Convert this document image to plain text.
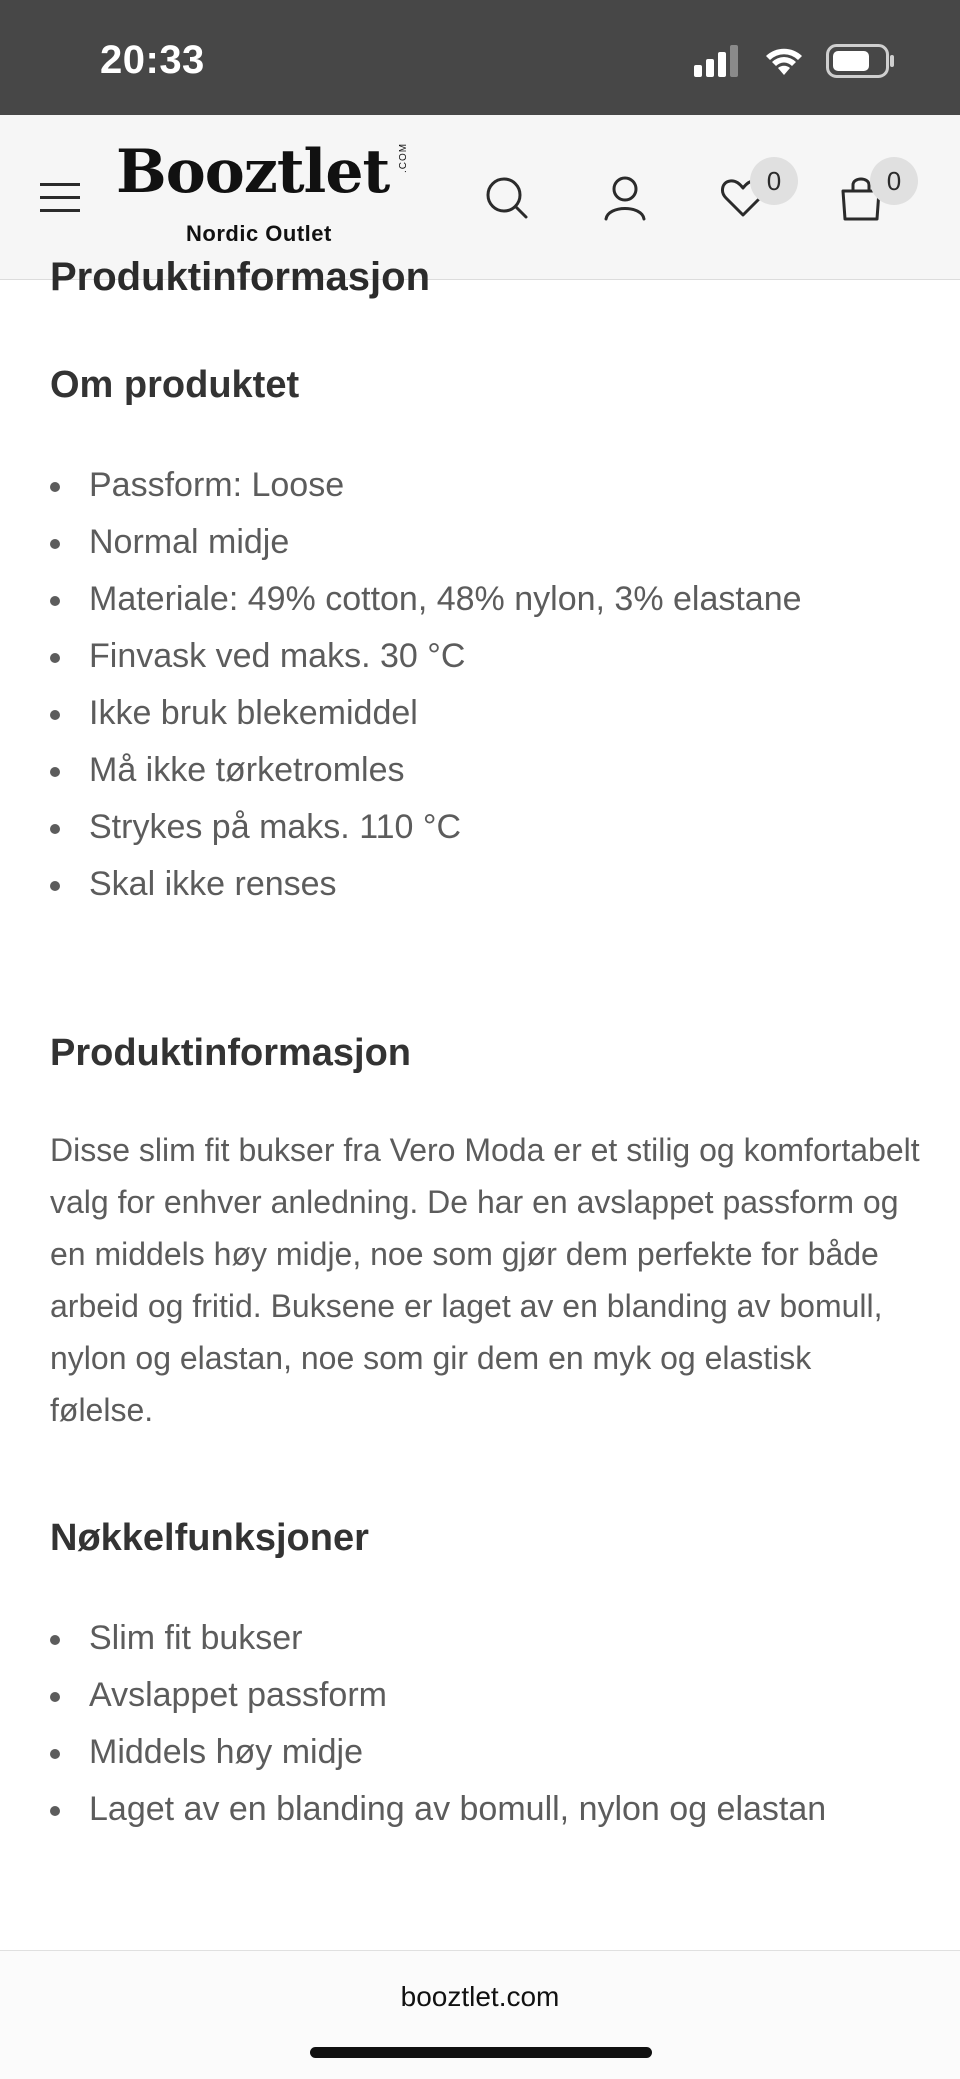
20:33
Booztlet .COM
Nordic Outlet
0	0
Produktinformasjon
Om produktet
Passform: Loose
Normal midje
Materiale: 49% cotton, 48% nylon, 3% elastane
Finvask ved maks. 30 °C
Ikke bruk blekemiddel
Må ikke tørketromles
Strykes på maks. 110 °C
Skal ikke renses
Produktinformasjon

Disse slim fit bukser fra Vero Moda er et stilig og komfortabelt valg for enhver anledning. De har en avslappet passform og en middels høy midje, noe som gjør dem perfekte for både arbeid og fritid. Buksene er laget av en blanding av bomull, nylon og elastan, noe som gir dem en myk og elastisk følelse.

Nøkkelfunksjoner
Slim fit bukser
Avslappet passform
Middels høy midje
Laget av en blanding av bomull, nylon og elastan
booztlet.com
